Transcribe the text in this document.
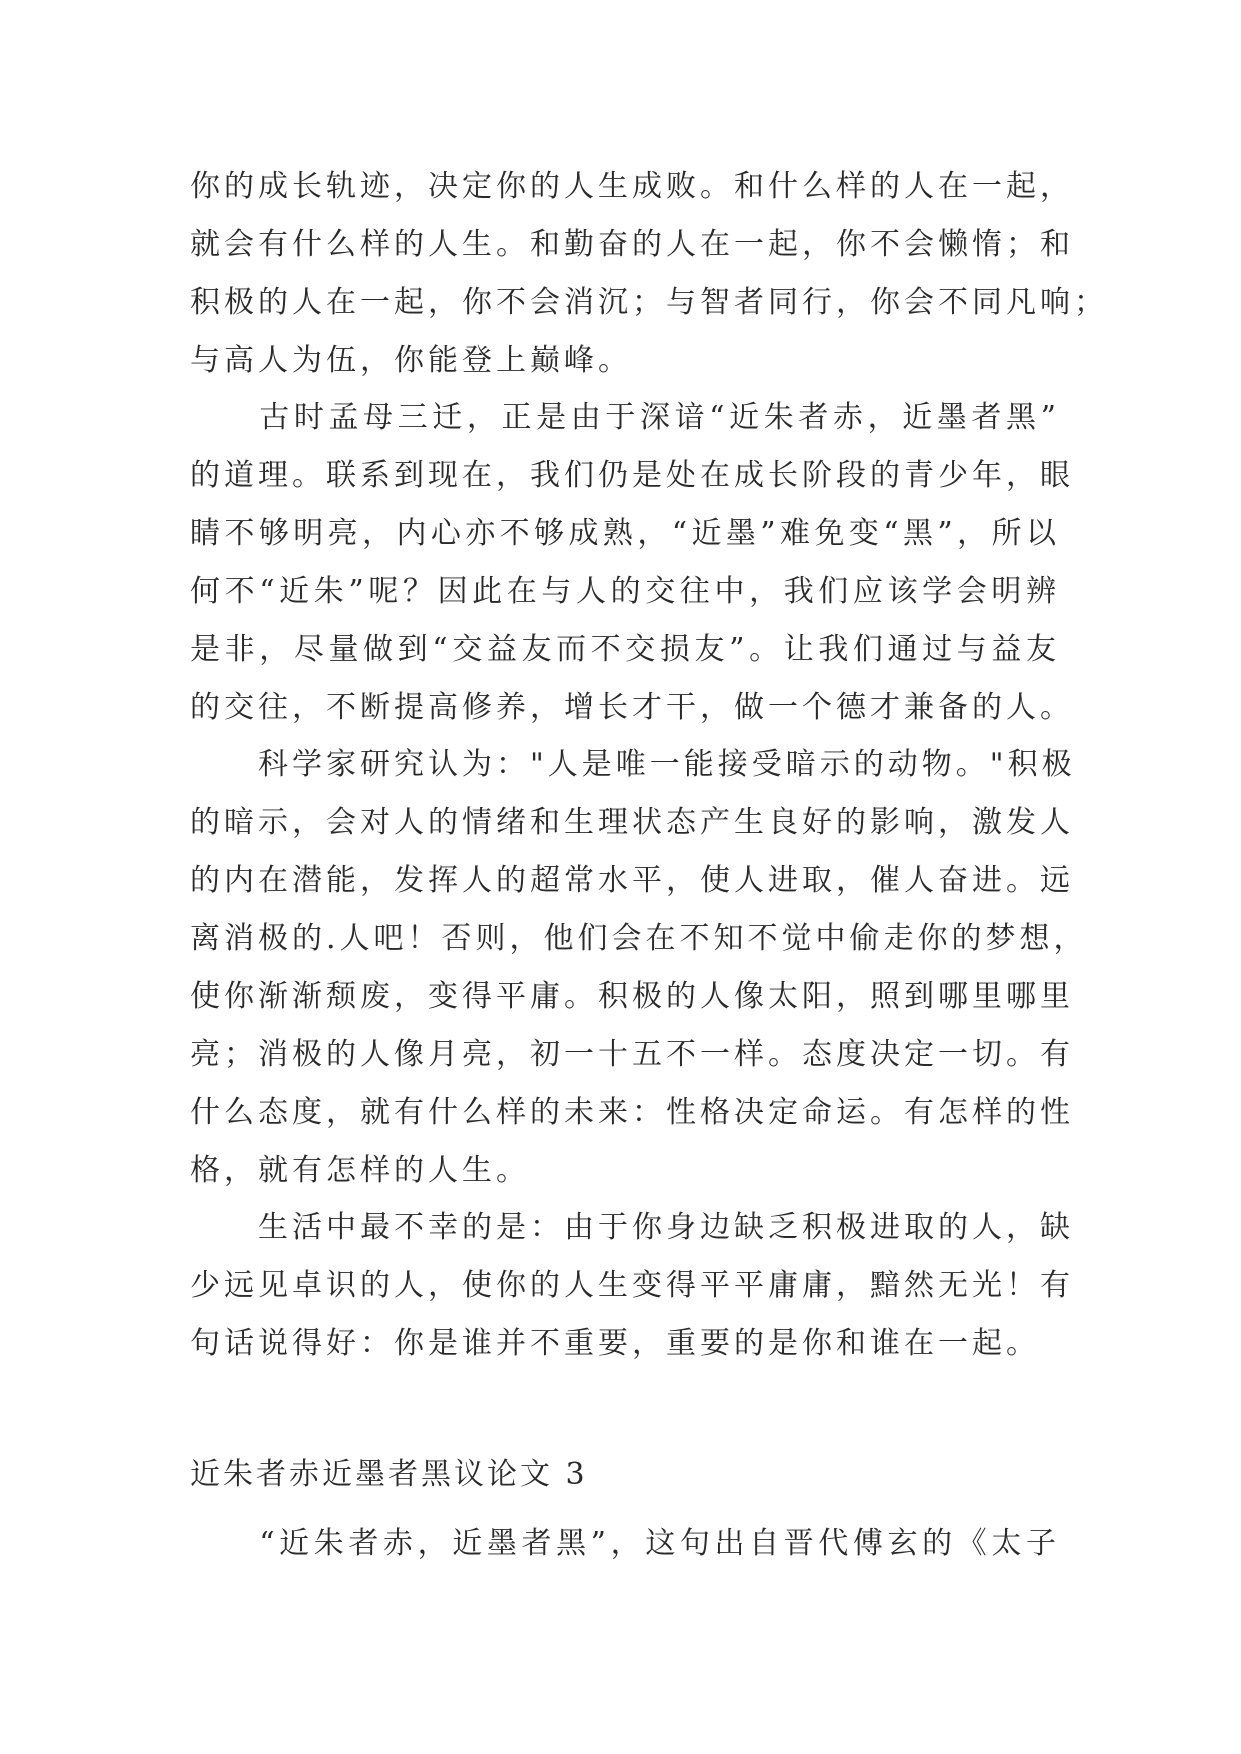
你的成长轨迹，决定你的人生成败。和什么样的人在一起，
就会有什么样的人生。和勤奋的人在一起，你不会懒惰；和
积极的人在一起，你不会消沉；与智者同行，你会不同凡响；
与高人为伍，你能登上巅峰。
　　古时孟母三迁，正是由于深谙“近朱者赤，近墨者黑”
的道理。联系到现在，我们仍是处在成长阶段的青少年，眼
睛不够明亮，内心亦不够成熟，“近墨”难免变“黑”，所以
何不“近朱”呢？因此在与人的交往中，我们应该学会明辨
是非，尽量做到“交益友而不交损友”。让我们通过与益友
的交往，不断提高修养，增长才干，做一个德才兼备的人。
　　科学家研究认为："人是唯一能接受暗示的动物。"积极
的暗示，会对人的情绪和生理状态产生良好的影响，激发人
的内在潜能，发挥人的超常水平，使人进取，催人奋进。远
离消极的.人吧！否则，他们会在不知不觉中偷走你的梦想，
使你渐渐颓废，变得平庸。积极的人像太阳，照到哪里哪里
亮；消极的人像月亮，初一十五不一样。态度决定一切。有
什么态度，就有什么样的未来：性格决定命运。有怎样的性
格，就有怎样的人生。
　　生活中最不幸的是：由于你身边缺乏积极进取的人，缺
少远见卓识的人，使你的人生变得平平庸庸，黯然无光！有
句话说得好：你是谁并不重要，重要的是你和谁在一起。
近朱者赤近墨者黑议论文 3
　　“近朱者赤，近墨者黑”，这句出自晋代傅玄的《太子
